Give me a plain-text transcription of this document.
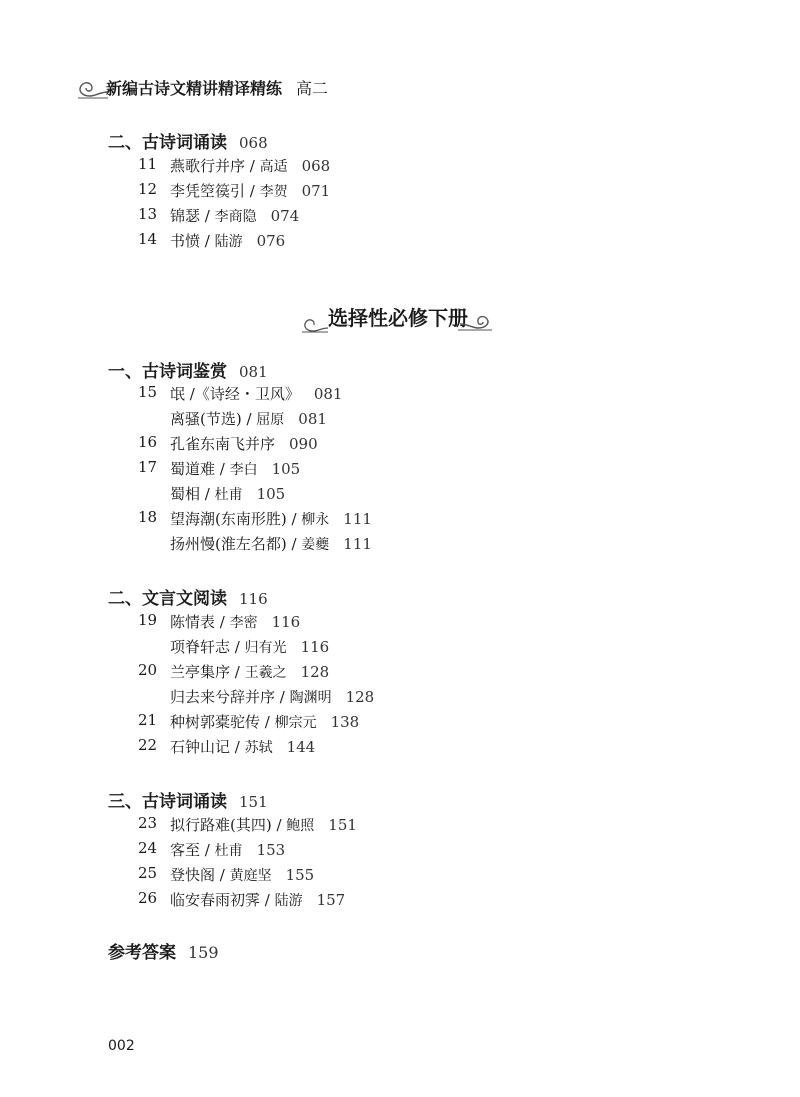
新编古诗文精讲精译精练 高二
二、古诗词诵读 068
11 燕歌行并序 / 高适 068
12 李凭箜篌引 / 李贺 071
13 锦瑟 / 李商隐 074
14 书愤 / 陆游 076
选择性必修下册
一、古诗词鉴赏 081
15 氓 /《诗经・卫风》 081
离骚(节选) / 屈原 081
16 孔雀东南飞并序 090
17 蜀道难 / 李白 105
蜀相 / 杜甫 105
18 望海潮(东南形胜) / 柳永 111
扬州慢(淮左名都) / 姜夔 111
二、文言文阅读 116
19 陈情表 / 李密 116
项脊轩志 / 归有光 116
20 兰亭集序 / 王羲之 128
归去来兮辞并序 / 陶渊明 128
21 种树郭橐驼传 / 柳宗元 138
22 石钟山记 / 苏轼 144
三、古诗词诵读 151
23 拟行路难(其四) / 鲍照 151
24 客至 / 杜甫 153
25 登快阁 / 黄庭坚 155
26 临安春雨初霁 / 陆游 157
参考答案 159
002
